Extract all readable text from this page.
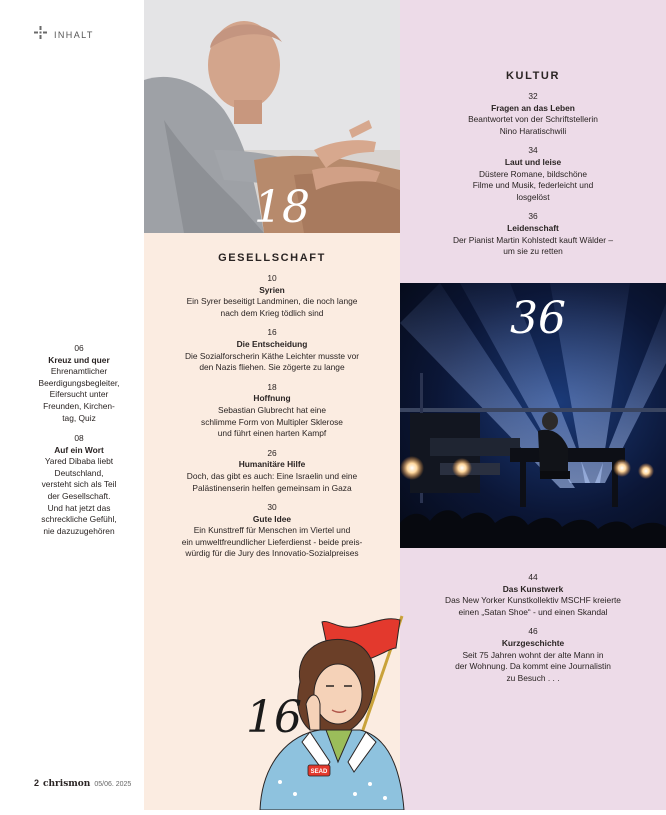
INHALT
18
06
Kreuz und quer
Ehrenamtlicher
Beerdigungsbegleiter,
Eifersucht unter
Freunden, Kirchen-
tag, Quiz
08
Auf ein Wort
Yared Dibaba liebt
Deutschland,
versteht sich als Teil
der Gesellschaft.
Und hat jetzt das
schreckliche Gefühl,
nie dazuzugehören
GESELLSCHAFT
10
Syrien
Ein Syrer beseitigt Landminen, die noch lange
nach dem Krieg tödlich sind
16
Die Entscheidung
Die Sozialforscherin Käthe Leichter musste vor
den Nazis fliehen. Sie zögerte zu lange
18
Hoffnung
Sebastian Glubrecht hat eine
schlimme Form von Multipler Sklerose
und führt einen harten Kampf
26
Humanitäre Hilfe
Doch, das gibt es auch: Eine Israelin und eine
Palästinenserin helfen gemeinsam in Gaza
30
Gute Idee
Ein Kunsttreff für Menschen im Viertel und
ein umweltfreundlicher Lieferdienst - beide preis-
würdig für die Jury des Innovatio-Sozialpreises
KULTUR
32
Fragen an das Leben
Beantwortet von der Schriftstellerin
Nino Haratischwili
34
Laut und leise
Düstere Romane, bildschöne
Filme und Musik, federleicht und
losgelöst
36
Leidenschaft
Der Pianist Martin Kohlstedt kauft Wälder –
um sie zu retten
36
44
Das Kunstwerk
Das New Yorker Kunstkollektiv MSCHF kreierte
einen „Satan Shoe“ - und einen Skandal
46
Kurzgeschichte
Seit 75 Jahren wohnt der alte Mann in
der Wohnung. Da kommt eine Journalistin
zu Besuch . . .
SEAD
16
2 chrismon 05/06. 2025
